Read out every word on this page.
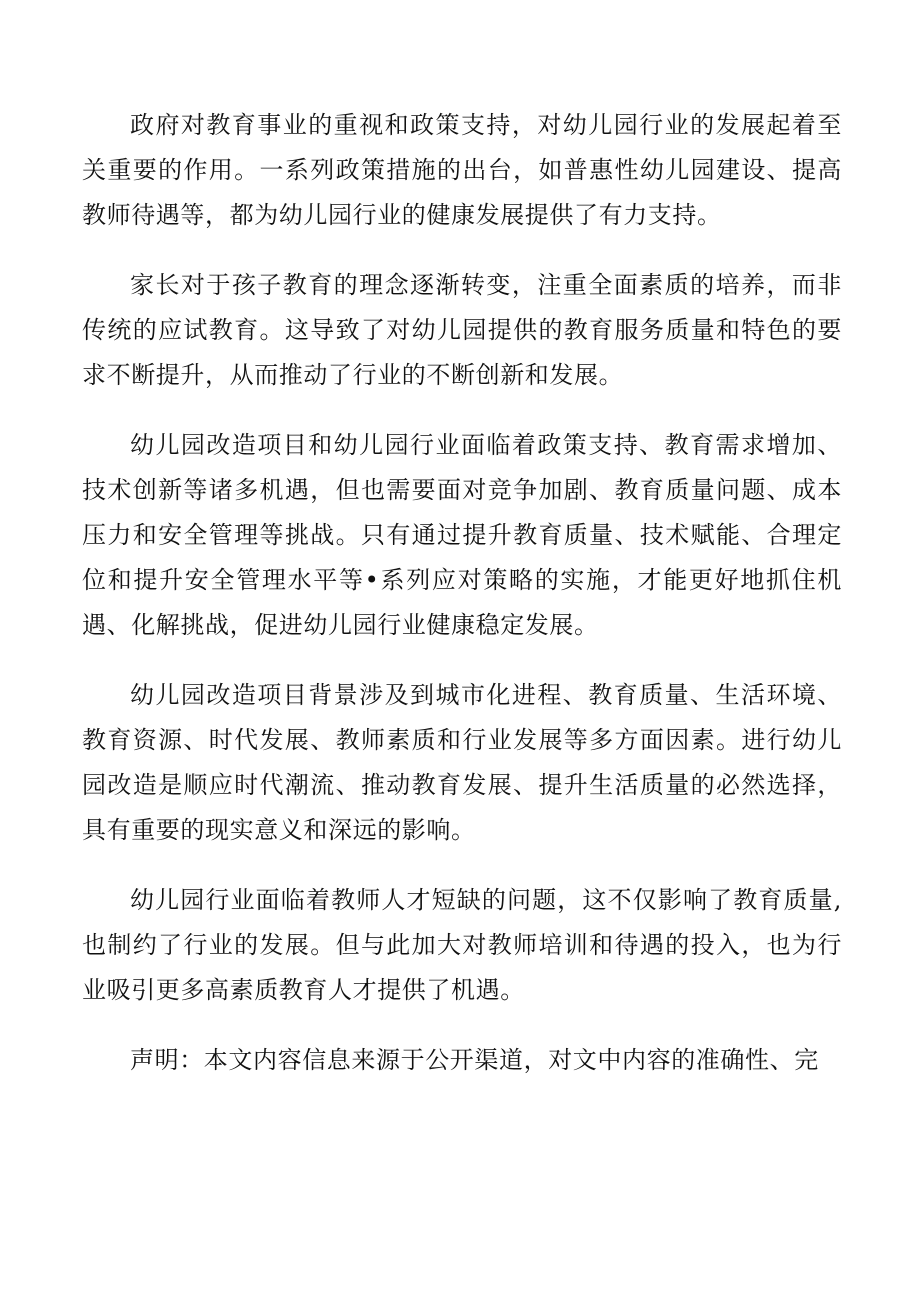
政府对教育事业的重视和政策支持，对幼儿园行业的发展起着至关重要的作用。一系列政策措施的出台，如普惠性幼儿园建设、提高教师待遇等，都为幼儿园行业的健康发展提供了有力支持。

家长对于孩子教育的理念逐渐转变，注重全面素质的培养，而非传统的应试教育。这导致了对幼儿园提供的教育服务质量和特色的要求不断提升，从而推动了行业的不断创新和发展。

幼儿园改造项目和幼儿园行业面临着政策支持、教育需求增加、技术创新等诸多机遇，但也需要面对竞争加剧、教育质量问题、成本压力和安全管理等挑战。只有通过提升教育质量、技术赋能、合理定位和提升安全管理水平等•系列应对策略的实施，才能更好地抓住机遇、化解挑战，促进幼儿园行业健康稳定发展。

幼儿园改造项目背景涉及到城市化进程、教育质量、生活环境、教育资源、时代发展、教师素质和行业发展等多方面因素。进行幼儿园改造是顺应时代潮流、推动教育发展、提升生活质量的必然选择，具有重要的现实意义和深远的影响。

幼儿园行业面临着教师人才短缺的问题，这不仅影响了教育质量,也制约了行业的发展。但与此加大对教师培训和待遇的投入，也为行业吸引更多高素质教育人才提供了机遇。

声明：本文内容信息来源于公开渠道，对文中内容的准确性、完
